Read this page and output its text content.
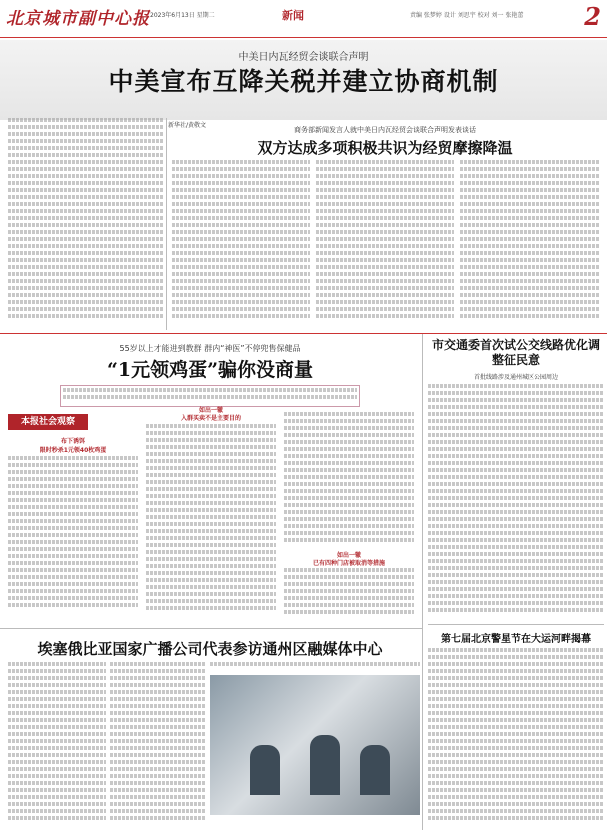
北京城市副中心报 2023年6月13日 星期二	新闻	责编 张梦婷 设计 刘思宇 校对 刘一 张艳蕾	2
中美日内瓦经贸会谈联合声明
中美宣布互降关税并建立协商机制
新华社/黄敬文
商务部新闻发言人就中美日内瓦经贸会谈联合声明发表谈话
双方达成多项积极共识为经贸摩擦降温
55岁以上才能进到教群 群内“神医”不停兜售保健品
“1元领鸡蛋”骗你没商量
本报社会观察
布下诱饵
限时秒杀1元领40枚鸡蛋
如出一辙
入群买卖不是主要目的
如出一辙
已有四种门店被取消等措施
市交通委首次试公交线路优化调整征民意
首批线路涉及通州城区公园周边
第七届北京警星节在大运河畔揭幕
埃塞俄比亚国家广播公司代表参访通州区融媒体中心
